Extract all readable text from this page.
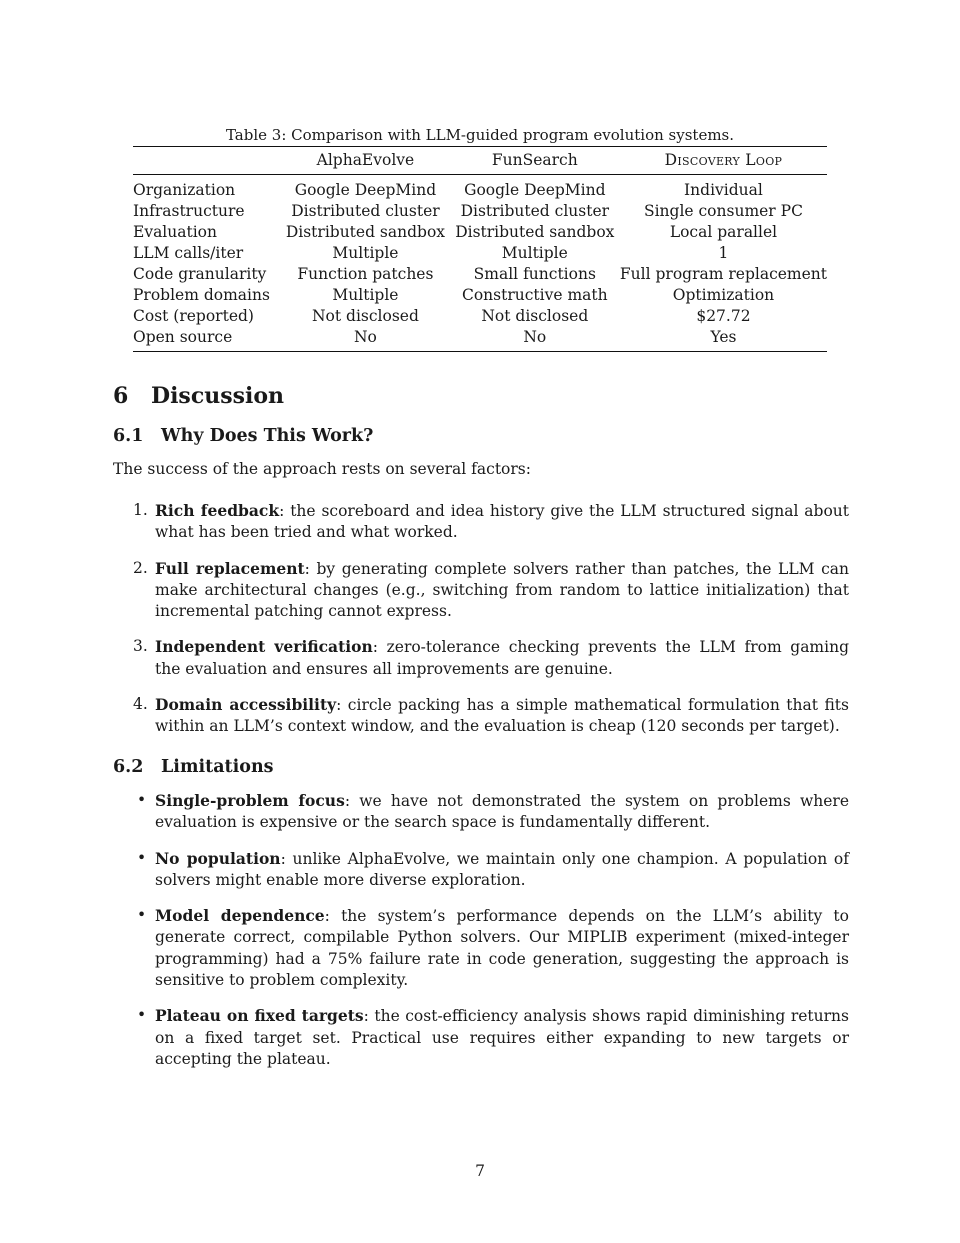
Table 3: Comparison with LLM-guided program evolution systems.

	AlphaEvolve	FunSearch	Discovery Loop
Organization	Google DeepMind	Google DeepMind	Individual
Infrastructure	Distributed cluster	Distributed cluster	Single consumer PC
Evaluation	Distributed sandbox	Distributed sandbox	Local parallel
LLM calls/iter	Multiple	Multiple	1
Code granularity	Function patches	Small functions	Full program replacement
Problem domains	Multiple	Constructive math	Optimization
Cost (reported)	Not disclosed	Not disclosed	$27.72
Open source	No	No	Yes
6 Discussion
6.1 Why Does This Work?

The success of the approach rests on several factors:

1. Rich feedback: the scoreboard and idea history give the LLM structured signal about what has been tried and what worked.
2. Full replacement: by generating complete solvers rather than patches, the LLM can make architectural changes (e.g., switching from random to lattice initialization) that incremental patching cannot express.
3. Independent verification: zero-tolerance checking prevents the LLM from gaming the evaluation and ensures all improvements are genuine.
4. Domain accessibility: circle packing has a simple mathematical formulation that fits within an LLM’s context window, and the evaluation is cheap (120 seconds per target).
6.2 Limitations
• Single-problem focus: we have not demonstrated the system on problems where evaluation is expensive or the search space is fundamentally different.
• No population: unlike AlphaEvolve, we maintain only one champion. A population of solvers might enable more diverse exploration.
• Model dependence: the system’s performance depends on the LLM’s ability to generate correct, compilable Python solvers. Our MIPLIB experiment (mixed-integer programming) had a 75% failure rate in code generation, suggesting the approach is sensitive to problem complexity.
• Plateau on fixed targets: the cost-efficiency analysis shows rapid diminishing returns on a fixed target set. Practical use requires either expanding to new targets or accepting the plateau.
7
